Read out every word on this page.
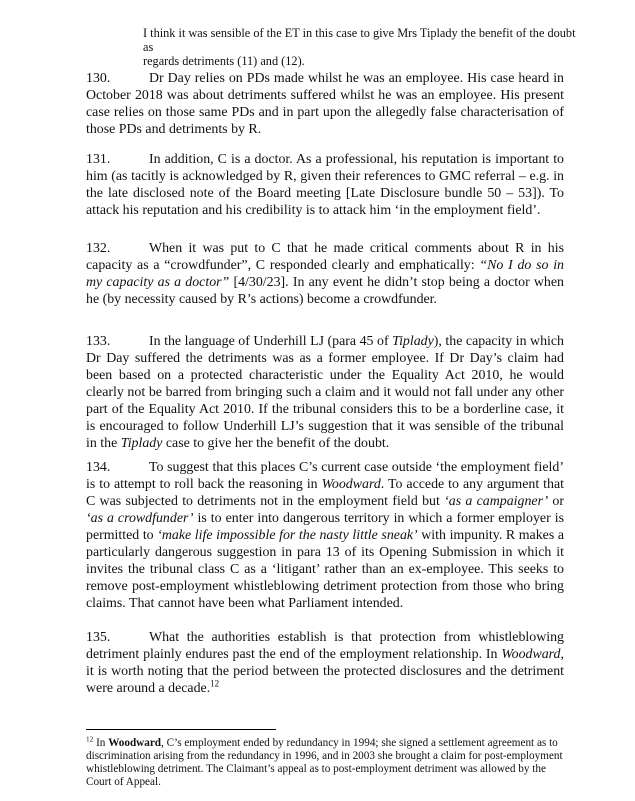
I think it was sensible of the ET in this case to give Mrs Tiplady the benefit of the doubt as
regards detriments (11) and (12).

130.	Dr Day relies on PDs made whilst he was an employee. His case heard in October 2018 was about detriments suffered whilst he was an employee. His present case relies on those same PDs and in part upon the allegedly false characterisation of those PDs and detriments by R.

131.	In addition, C is a doctor. As a professional, his reputation is important to him (as tacitly is acknowledged by R, given their references to GMC referral – e.g. in the late disclosed note of the Board meeting [Late Disclosure bundle 50 – 53]). To attack his reputation and his credibility is to attack him ‘in the employment field’.

132.	When it was put to C that he made critical comments about R in his capacity as a “crowdfunder”, C responded clearly and emphatically: “No I do so in my capacity as a doctor” [4/30/23]. In any event he didn’t stop being a doctor when he (by necessity caused by R’s actions) become a crowdfunder.

133.	In the language of Underhill LJ (para 45 of Tiplady), the capacity in which Dr Day suffered the detriments was as a former employee. If Dr Day’s claim had been based on a protected characteristic under the Equality Act 2010, he would clearly not be barred from bringing such a claim and it would not fall under any other part of the Equality Act 2010. If the tribunal considers this to be a borderline case, it is encouraged to follow Underhill LJ’s suggestion that it was sensible of the tribunal in the Tiplady case to give her the benefit of the doubt.

134.	To suggest that this places C’s current case outside ‘the employment field’ is to attempt to roll back the reasoning in Woodward. To accede to any argument that C was subjected to detriments not in the employment field but ‘as a campaigner’ or ‘as a crowdfunder’ is to enter into dangerous territory in which a former employer is permitted to ‘make life impossible for the nasty little sneak’ with impunity. R makes a particularly dangerous suggestion in para 13 of its Opening Submission in which it invites the tribunal class C as a ‘litigant’ rather than an ex-employee. This seeks to remove post-employment whistleblowing detriment protection from those who bring claims. That cannot have been what Parliament intended.

135.	What the authorities establish is that protection from whistleblowing detriment plainly endures past the end of the employment relationship. In Woodward, it is worth noting that the period between the protected disclosures and the detriment were around a decade.$^{12}$

$^{12}$ In Woodward, C’s employment ended by redundancy in 1994; she signed a settlement agreement as to discrimination arising from the redundancy in 1996, and in 2003 she brought a claim for post-employment whistleblowing detriment. The Claimant’s appeal as to post-employment detriment was allowed by the Court of Appeal.
